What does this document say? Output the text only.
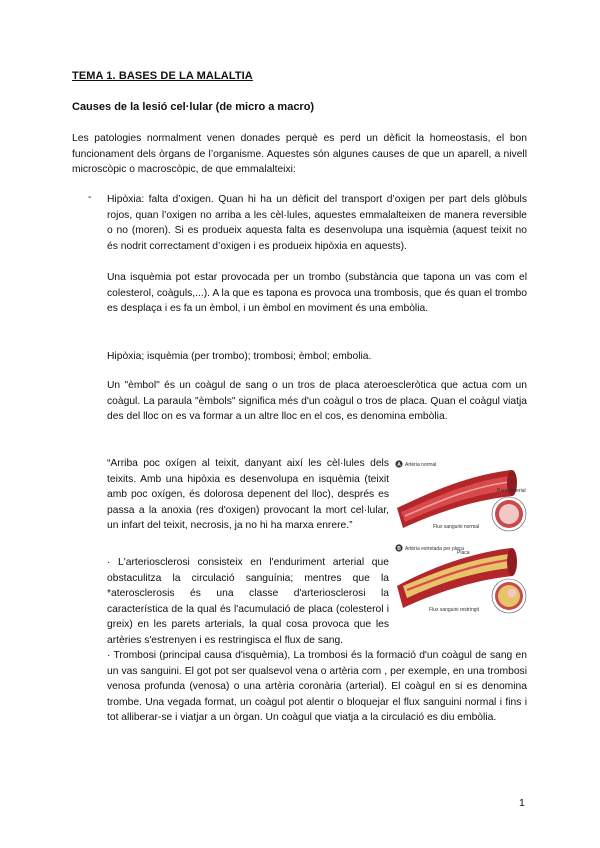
TEMA 1. BASES DE LA MALALTIA
Causes de la lesió cel·lular (de micro a macro)

Les patologies normalment venen donades perquè es perd un dèficit la homeostasis, el bon funcionament dels òrgans de l’organisme. Aquestes són algunes causes de que un aparell, a nivell microscòpic o macroscòpic, de que emmalalteixi:

- Hipòxia: falta d’oxigen. Quan hi ha un dèficit del transport d’oxigen per part dels glòbuls rojos, quan l’oxigen no arriba a les cèl·lules, aquestes emmalalteixen de manera reversible o no (moren). Si es produeix aquesta falta es desenvolupa una isquèmia (aquest teixit no és nodrit correctament d’oxigen i es produeix hipòxia en aquests).

Una isquèmia pot estar provocada per un trombo (substància que tapona un vas com el colesterol, coàguls,...). A la que es tapona es provoca una trombosis, que és quan el trombo es desplaça i es fa un èmbol, i un èmbol en moviment és una embòlia.

Hipòxia; isquèmia (per trombo); trombosi; èmbol; embolia.

Un "èmbol" és un coàgul de sang o un tros de placa ateroescleròtica que actua com un coàgul. La paraula "èmbols" significa més d'un coàgul o tros de placa. Quan el coàgul viatja des del lloc on es va formar a un altre lloc en el cos, es denomina embòlia.

“Arriba poc oxígen al teixit, danyant així les cèl·lules dels teixits. Amb una hipòxia es desenvolupa en isquèmia (teixit amb poc oxígen, és dolorosa depenent del lloc), després es passa a la anoxia (res d'oxigen) provocant la mort cel·lular, un infart del teixit, necrosis, ja no hi ha marxa enrere.”

A Artèria normal
Paret arterial
Flux sanguini normal
B Artèria estretada per placa
Placa
Flux sanguini restringit

· L'arteriosclerosi consisteix en l'enduriment arterial que obstaculitza la circulació sanguínia; mentres que la *aterosclerosis és una classe d'arteriosclerosi la característica de la qual és l'acumulació de placa (colesterol i greix) en les parets arterials, la qual cosa provoca que les artèries s'estrenyen i es restringisca el flux de sang.

· Trombosi (principal causa d'isquèmia), La trombosi és la formació d'un coàgul de sang en un vas sanguini. El got pot ser qualsevol vena o artèria com , per exemple, en una trombosi venosa profunda (venosa) o una artèria coronària (arterial). El coàgul en si es denomina trombe. Una vegada format, un coàgul pot alentir o bloquejar el flux sanguini normal i fins i tot alliberar-se i viatjar a un òrgan. Un coàgul que viatja a la circulació es diu embòlia.

1
